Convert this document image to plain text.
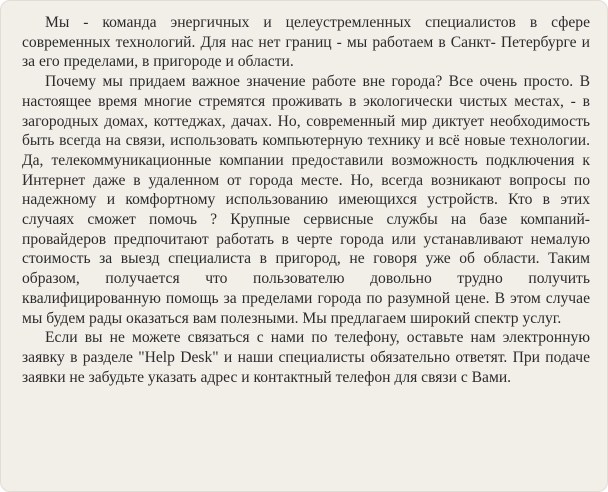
Мы - команда энергичных и целеустремленных специалистов в сфере современных технологий. Для нас нет границ - мы работаем в Санкт- Петербурге и за его пределами, в пригороде и области.

Почему мы придаем важное значение работе вне города? Все очень просто. В настоящее время многие стремятся проживать в экологически чистых местах, - в загородных домах, коттеджах, дачах. Но, современный мир диктует необходимость быть всегда на связи, использовать компьютерную технику и всё новые технологии. Да, телекоммуникационные компании предоставили возможность подключения к Интернет даже в удаленном от города месте. Но, всегда возникают вопросы по надежному и комфортному использованию имеющихся устройств. Кто в этих случаях сможет помочь ? Крупные сервисные службы на базе компаний-провайдеров предпочитают работать в черте города или устанавливают немалую стоимость за выезд специалиста в пригород, не говоря уже об области. Таким образом, получается что пользователю довольно трудно получить квалифицированную помощь за пределами города по разумной цене. В этом случае мы будем рады оказаться вам полезными. Мы предлагаем широкий спектр услуг.

Если вы не можете связаться с нами по телефону, оставьте нам электронную заявку в разделе "Help Desk" и наши специалисты обязательно ответят. При подаче заявки не забудьте указать адрес и контактный телефон для связи с Вами.
